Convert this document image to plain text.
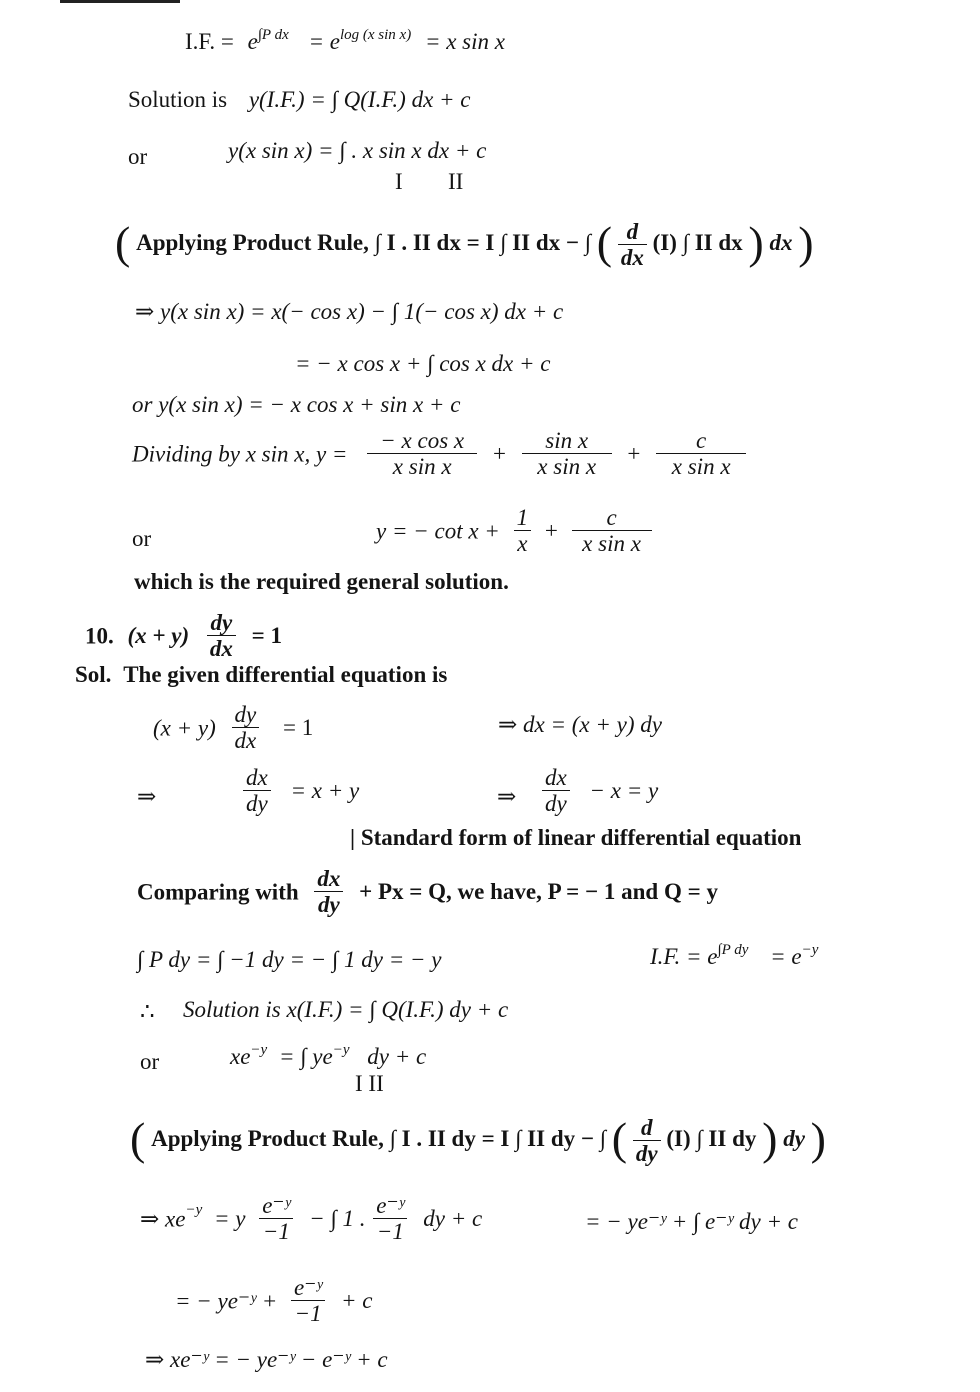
I.F. = $e^{\int P dx} = e^{log (x sin x)} = x$ sin x
Solution is y(I.F.) = ∫ Q(I.F.) dx + c
or	y(x sin x) = ∫ . x sin x dx + c
I II
( Applying Product Rule, ∫ I . II dx = I ∫ II dx − ∫ ( $\frac{d}{dx} (I)$ ∫ II dx ) dx )
⇒ y(x sin x) = x(− cos x) − ∫ 1(− cos x) dx + c
= − x cos x + ∫ cos x dx + c
or y(x sin x) = − x cos x + sin x + c
Dividing by x sin x, $y = \frac{\text{− x cos x}}{\text{x sin x}} + \frac{\text{sin x}}{\text{x sin x}} + \frac{c}{\text{x sin x}}$
or	y = − $\cot x + \frac{1}{x} + \frac{c}{\text{x sin x}}$
which is the required general solution.
10. $(x + y) \frac{dy}{dx} = 1$
Sol. The given differential equation is
$(x + y) \frac{dy}{dx} = 1$	⇒ dx = (x + y) dy
⇒	$\frac{dx}{dy} = x + y$	⇒ $\frac{dx}{dy} - x = y$
| Standard form of linear differential equation
Comparing with $\frac{dx}{dy} + Px = Q$, we have, P = − 1 and Q = y
∫ P dy = ∫ −1 dy = − ∫ 1 dy = − y	I.F. = $e^{\int P dy} = e^{-y}$
∴ Solution is x(I.F.) = ∫ Q(I.F.) dy + c
or	$xe^{-y}$ = ∫ $ye^{-y}$ dy + c
I II
( Applying Product Rule, ∫ I . II dy = I ∫ II dy − ∫ ( $\frac{d}{dy} (I)$ ∫ II dy ) dy )
⇒ $xe^{-y} = y \frac{\text{e⁻ʸ}}{-1}$ − ∫ 1 . $\frac{\text{e⁻ʸ}}{-1}$ dy + c	= − ye⁻ʸ + ∫ e⁻ʸ dy + c
= − ye⁻ʸ + $\frac{\text{e⁻ʸ}}{-1} + c$
⇒ xe⁻ʸ = − ye⁻ʸ − e⁻ʸ + c
